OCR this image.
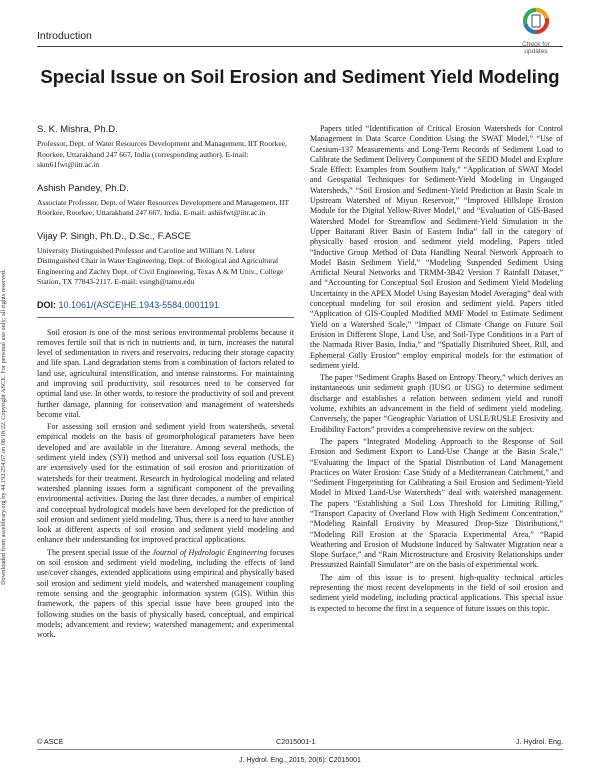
Introduction
Check for
updates
Special Issue on Soil Erosion and Sediment Yield Modeling
Downloaded from ascelibrary.org by 44.192.254.67 on 08/18/22. Copyright ASCE. For personal use only; all rights reserved.

S. K. Mishra, Ph.D.

Professor, Dept. of Water Resources Development and Management, IIT Roorkee, Roorkee, Uttarakhand 247 667, India (corresponding author). E-mail: skm61fwt@iitr.ac.in

Ashish Pandey, Ph.D.

Associate Professor, Dept. of Water Resources Development and Management, IIT Roorkee, Roorkee, Uttarakhand 247 667, India. E-mail: ashisfwt@iitr.ac.in

Vijay P. Singh, Ph.D., D.Sc., F.ASCE

University Distinguished Professor and Caroline and William N. Lehrer Distinguished Chair in Water Engineering, Dept. of Biological and Agricultural Engineering and Zachry Dept. of Civil Engineering, Texas A & M Univ., College Station, TX 77843-2117. E-mail: vsingh@tamu.edu

DOI: 10.1061/(ASCE)HE.1943-5584.0001191

Soil erosion is one of the most serious environmental problems because it removes fertile soil that is rich in nutrients and, in turn, increases the natural level of sedimentation in rivers and reservoirs, reducing their storage capacity and life span. Land degradation stems from a combination of factors related to land use, agricultural intensification, and intense rainstorms. For maintaining and improving soil productivity, soil resources need to be conserved for optimal land use. In other words, to restore the productivity of soil and prevent further damage, planning for conservation and management of watersheds become vital.

For assessing soil erosion and sediment yield from watersheds, several empirical models on the basis of geomorphological parameters have been developed and are available in the literature. Among several methods, the sediment yield index (SYI) method and universal soil loss equation (USLE) are extensively used for the estimation of soil erosion and prioritization of watersheds for their treatment. Research in hydrological modeling and related watershed planning issues form a significant component of the prevailing environmental activities. During the last three decades, a number of empirical and conceptual hydrological models have been developed for the prediction of soil erosion and sediment yield modeling. Thus, there is a need to have another look at different aspects of soil erosion and sediment yield modeling and enhance their understanding for improved practical applications.

The present special issue of the Journal of Hydrologic Engineering focuses on soil erosion and sediment yield modeling, including the effects of land use/cover changes, extended applications using empirical and physically based soil erosion and sediment yield models, and watershed management coupling remote sensing and the geographic information system (GIS). Within this framework, the papers of this special issue have been grouped into the following studies on the basis of physically based, conceptual, and empirical models; advancement and review; watershed management; and experimental work.

Papers titled “Identification of Critical Erosion Watersheds for Control Management in Data Scarce Condition Using the SWAT Model,” “Use of Caesium-137 Measurements and Long-Term Records of Sediment Load to Calibrate the Sediment Delivery Component of the SEDD Model and Explore Scale Effect: Examples from Southern Italy,” “Application of SWAT Model and Geospatial Techniques for Sediment-Yield Modeling in Ungauged Watersheds,” “Soil Erosion and Sediment-Yield Prediction at Basin Scale in Upstream Watershed of Miyun Reservoir,” “Improved Hillslope Erosion Module for the Digital Yellow-River Model,” and “Evaluation of GIS-Based Watershed Model for Streamflow and Sediment-Yield Simulation in the Upper Baitarani River Basin of Eastern India” fall in the category of physically based erosion and sediment yield modeling. Papers titled “Inductive Group Method of Data Handling Neural Network Approach to Model Basin Sediment Yield,” “Modeling Suspended Sediment Using Artificial Neural Networks and TRMM-3B42 Version 7 Rainfall Dataset,” and “Accounting for Conceptual Soil Erosion and Sediment Yield Modeling Uncertainty in the APEX Model Using Bayesian Model Averaging” deal with conceptual modeling for soil erosion and sediment yield. Papers titled “Application of GIS-Coupled Modified MMF Model to Estimate Sediment Yield on a Watershed Scale,” “Impact of Climate Change on Future Soil Erosion in Different Slope, Land Use, and Soil-Type Conditions in a Part of the Narmada River Basin, India,” and “Spatially Distributed Sheet, Rill, and Ephemeral Gully Erosion” employ empirical models for the estimation of sediment yield.

The paper “Sediment Graphs Based on Entropy Theory,” which derives an instantaneous unit sediment graph (IUSG or USG) to determine sediment discharge and establishes a relation between sediment yield and runoff volume, exhibits an advancement in the field of sediment yield modeling. Conversely, the paper “Geographic Variation of USLE/RUSLE Erosivity and Erodibility Factors” provides a comprehensive review on the subject.

The papers “Integrated Modeling Approach to the Response of Soil Erosion and Sediment Export to Land-Use Change at the Basin Scale,” “Evaluating the Impact of the Spatial Distribution of Land Management Practices on Water Erosion: Case Study of a Mediterranean Catchment,” and “Sediment Fingerprinting for Calibrating a Soil Erosion and Sediment-Yield Model in Mixed Land-Use Watersheds” deal with watershed management. The papers “Establishing a Soil Loss Threshold for Limiting Rilling,” “Transport Capacity of Overland Flow with High Sediment Concentration,” “Modeling Rainfall Erosivity by Measured Drop-Size Distributions,” “Modeling Rill Erosion at the Sparacia Experimental Area,” “Rapid Weathering and Erosion of Mudstone Induced by Saltwater Migration near a Slope Surface,” and “Rain Microstructure and Erosivity Relationships under Pressurized Rainfall Simulator” are on the basis of experimental work.

The aim of this issue is to present high-quality technical articles representing the most recent developments in the field of soil erosion and sediment yield modeling, including practical applications. This special issue is expected to become the first in a sequence of future issues on this topic.

© ASCE	C2015001-1	J. Hydrol. Eng.
J. Hydrol. Eng., 2015, 20(6): C2015001
